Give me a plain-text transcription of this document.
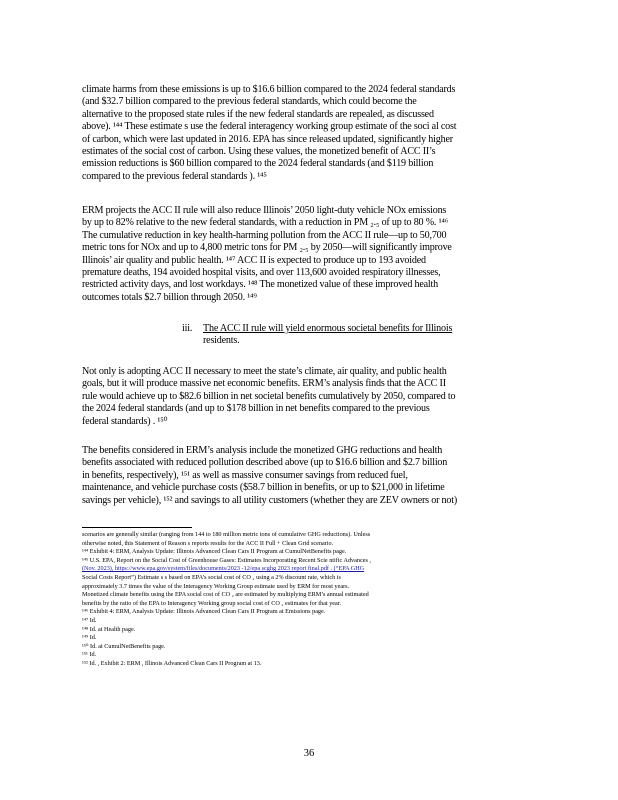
climate harms from these emissions is up to $16.6 billion compared to the 2024 federal standards
(and $32.7 billion compared to the previous federal standards, which could become the
alternative to the proposed state rules if the new federal standards are repealed, as discussed
above). ¹⁴⁴ These estimate s use the federal interagency working group estimate of the soci al cost
of carbon, which were last updated in 2016. EPA has since released updated, significantly higher
estimates of the social cost of carbon. Using these values, the monetized benefit of ACC II’s
emission reductions is $60 billion compared to the 2024 federal standards (and $119 billion
compared to the previous federal standards ). ¹⁴⁵
ERM projects the ACC II rule will also reduce Illinois’ 2050 light-duty vehicle NOx emissions
by up to 82% relative to the new federal standards, with a reduction in PM ₂.₅ of up to 80 %. ¹⁴⁶
The cumulative reduction in key health-harming pollution from the ACC II rule—up to 50,700
metric tons for NOx and up to 4,800 metric tons for PM ₂.₅ by 2050—will significantly improve
Illinois’ air quality and public health. ¹⁴⁷ ACC II is expected to produce up to 193 avoided
premature deaths, 194 avoided hospital visits, and over 113,600 avoided respiratory illnesses,
restricted activity days, and lost workdays. ¹⁴⁸ The monetized value of these improved health
outcomes totals $2.7 billion through 2050. ¹⁴⁹
iii. The ACC II rule will yield enormous societal benefits for Illinois
residents.
Not only is adopting ACC II necessary to meet the state’s climate, air quality, and public health
goals, but it will produce massive net economic benefits. ERM’s analysis finds that the ACC II
rule would achieve up to $82.6 billion in net societal benefits cumulatively by 2050, compared to
the 2024 federal standards (and up to $178 billion in net benefits compared to the previous
federal standards) . ¹⁵⁰
The benefits considered in ERM’s analysis include the monetized GHG reductions and health
benefits associated with reduced pollution described above (up to $16.6 billion and $2.7 billion
in benefits, respectively), ¹⁵¹ as well as massive consumer savings from reduced fuel,
maintenance, and vehicle purchase costs ($58.7 billion in benefits, or up to $21,000 in lifetime
savings per vehicle), ¹⁵² and savings to all utility customers (whether they are ZEV owners or not)
scenarios are generally similar (ranging from 144 to 180 million metric tons of cumulative GHG reductions). Unless
otherwise noted, this Statement of Reason s reports results for the ACC II Full + Clean Grid scenario.
¹⁴⁴ Exhibit 4: ERM, Analysis Update: Illinois Advanced Clean Cars II Program at CumulNetBenefits page.
¹⁴⁵ U.S. EPA, Report on the Social Cost of Greenhouse Gases: Estimates Incorporating Recent Scie ntific Advances ,
(Nov. 2023), https://www.epa.gov/system/files/documents/2023 -12/epa scghg 2023 report final.pdf . (“EPA GHG
Social Costs Report”) Estimate s s based on EPA’s social cost of CO ₂ using a 2% discount rate, which is
approximately 3.7 times the value of the Interagency Working Group estimate used by ERM for most years.
Monetized climate benefits using the EPA social cost of CO ₂ are estimated by multiplying ERM’s annual estimated
benefits by the ratio of the EPA to Interagency Working group social cost of CO ₂ estimates for that year.
¹⁴⁶ Exhibit 4: ERM, Analysis Update: Illinois Advanced Clean Cars II Program at Emissions page.
¹⁴⁷ Id.
¹⁴⁸ Id. at Health page.
¹⁴⁹ Id.
¹⁵⁰ Id. at CumulNetBenefits page.
¹⁵¹ Id.
¹⁵² Id. , Exhibit 2: ERM , Illinois Advanced Clean Cars II Program at 13.
36
